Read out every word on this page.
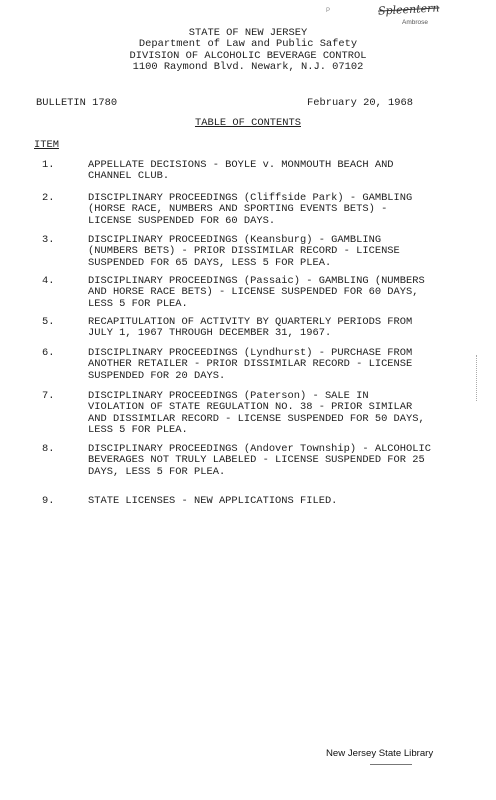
P	Spleentern
Ambrose
STATE OF NEW JERSEY
Department of Law and Public Safety
DIVISION OF ALCOHOLIC BEVERAGE CONTROL
1100 Raymond Blvd. Newark, N.J. 07102
BULLETIN 1780	February 20, 1968
TABLE OF CONTENTS
ITEM
1.	APPELLATE DECISIONS - BOYLE v. MONMOUTH BEACH AND
CHANNEL CLUB.
2.	DISCIPLINARY PROCEEDINGS (Cliffside Park) - GAMBLING
(HORSE RACE, NUMBERS AND SPORTING EVENTS BETS) -
LICENSE SUSPENDED FOR 60 DAYS.
3.	DISCIPLINARY PROCEEDINGS (Keansburg) - GAMBLING
(NUMBERS BETS) - PRIOR DISSIMILAR RECORD - LICENSE
SUSPENDED FOR 65 DAYS, LESS 5 FOR PLEA.
4.	DISCIPLINARY PROCEEDINGS (Passaic) - GAMBLING (NUMBERS
AND HORSE RACE BETS) - LICENSE SUSPENDED FOR 60 DAYS,
LESS 5 FOR PLEA.
5.	RECAPITULATION OF ACTIVITY BY QUARTERLY PERIODS FROM
JULY 1, 1967 THROUGH DECEMBER 31, 1967.
6.	DISCIPLINARY PROCEEDINGS (Lyndhurst) - PURCHASE FROM
ANOTHER RETAILER - PRIOR DISSIMILAR RECORD - LICENSE
SUSPENDED FOR 20 DAYS.
7.	DISCIPLINARY PROCEEDINGS (Paterson) - SALE IN
VIOLATION OF STATE REGULATION NO. 38 - PRIOR SIMILAR
AND DISSIMILAR RECORD - LICENSE SUSPENDED FOR 50 DAYS,
LESS 5 FOR PLEA.
8.	DISCIPLINARY PROCEEDINGS (Andover Township) - ALCOHOLIC
BEVERAGES NOT TRULY LABELED - LICENSE SUSPENDED FOR 25
DAYS, LESS 5 FOR PLEA.
9.	STATE LICENSES - NEW APPLICATIONS FILED.
New Jersey State Library
